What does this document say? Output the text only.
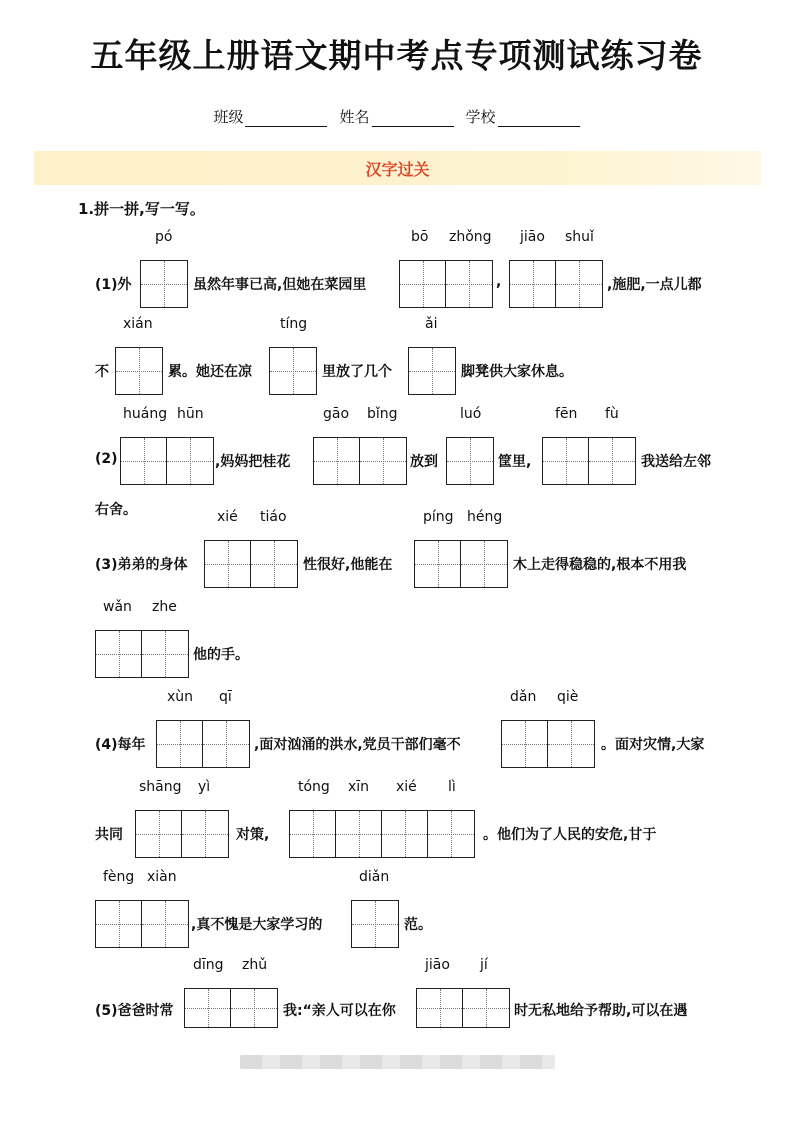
五年级上册语文期中考点专项测试练习卷
班级	姓名	学校
汉字过关
1.拼一拼,写一写。
(1)外
pó
虽然年事已高,但她在菜园里
bō zhǒng
,
jiāo shuǐ
,施肥,一点儿都
不
xián
累。她还在凉
tíng
里放了几个
ǎi
脚凳供大家休息。
(2)
huáng hūn
,妈妈把桂花
gāo bǐng
放到
luó
筐里,
fēn fù
我送给左邻
右舍。
(3)弟弟的身体
xié tiáo
性很好,他能在
píng héng
木上走得稳稳的,根本不用我
wǎn zhe
他的手。
(4)每年
xùn qī
,面对汹涌的洪水,党员干部们毫不
dǎn qiè
。面对灾情,大家
共同
shāng yì
对策,
tóng xīn xié lì
。他们为了人民的安危,甘于
fèng xiàn
,真不愧是大家学习的
diǎn
范。
(5)爸爸时常
dīng zhǔ
我:“亲人可以在你
jiāo jí
时无私地给予帮助,可以在遇
